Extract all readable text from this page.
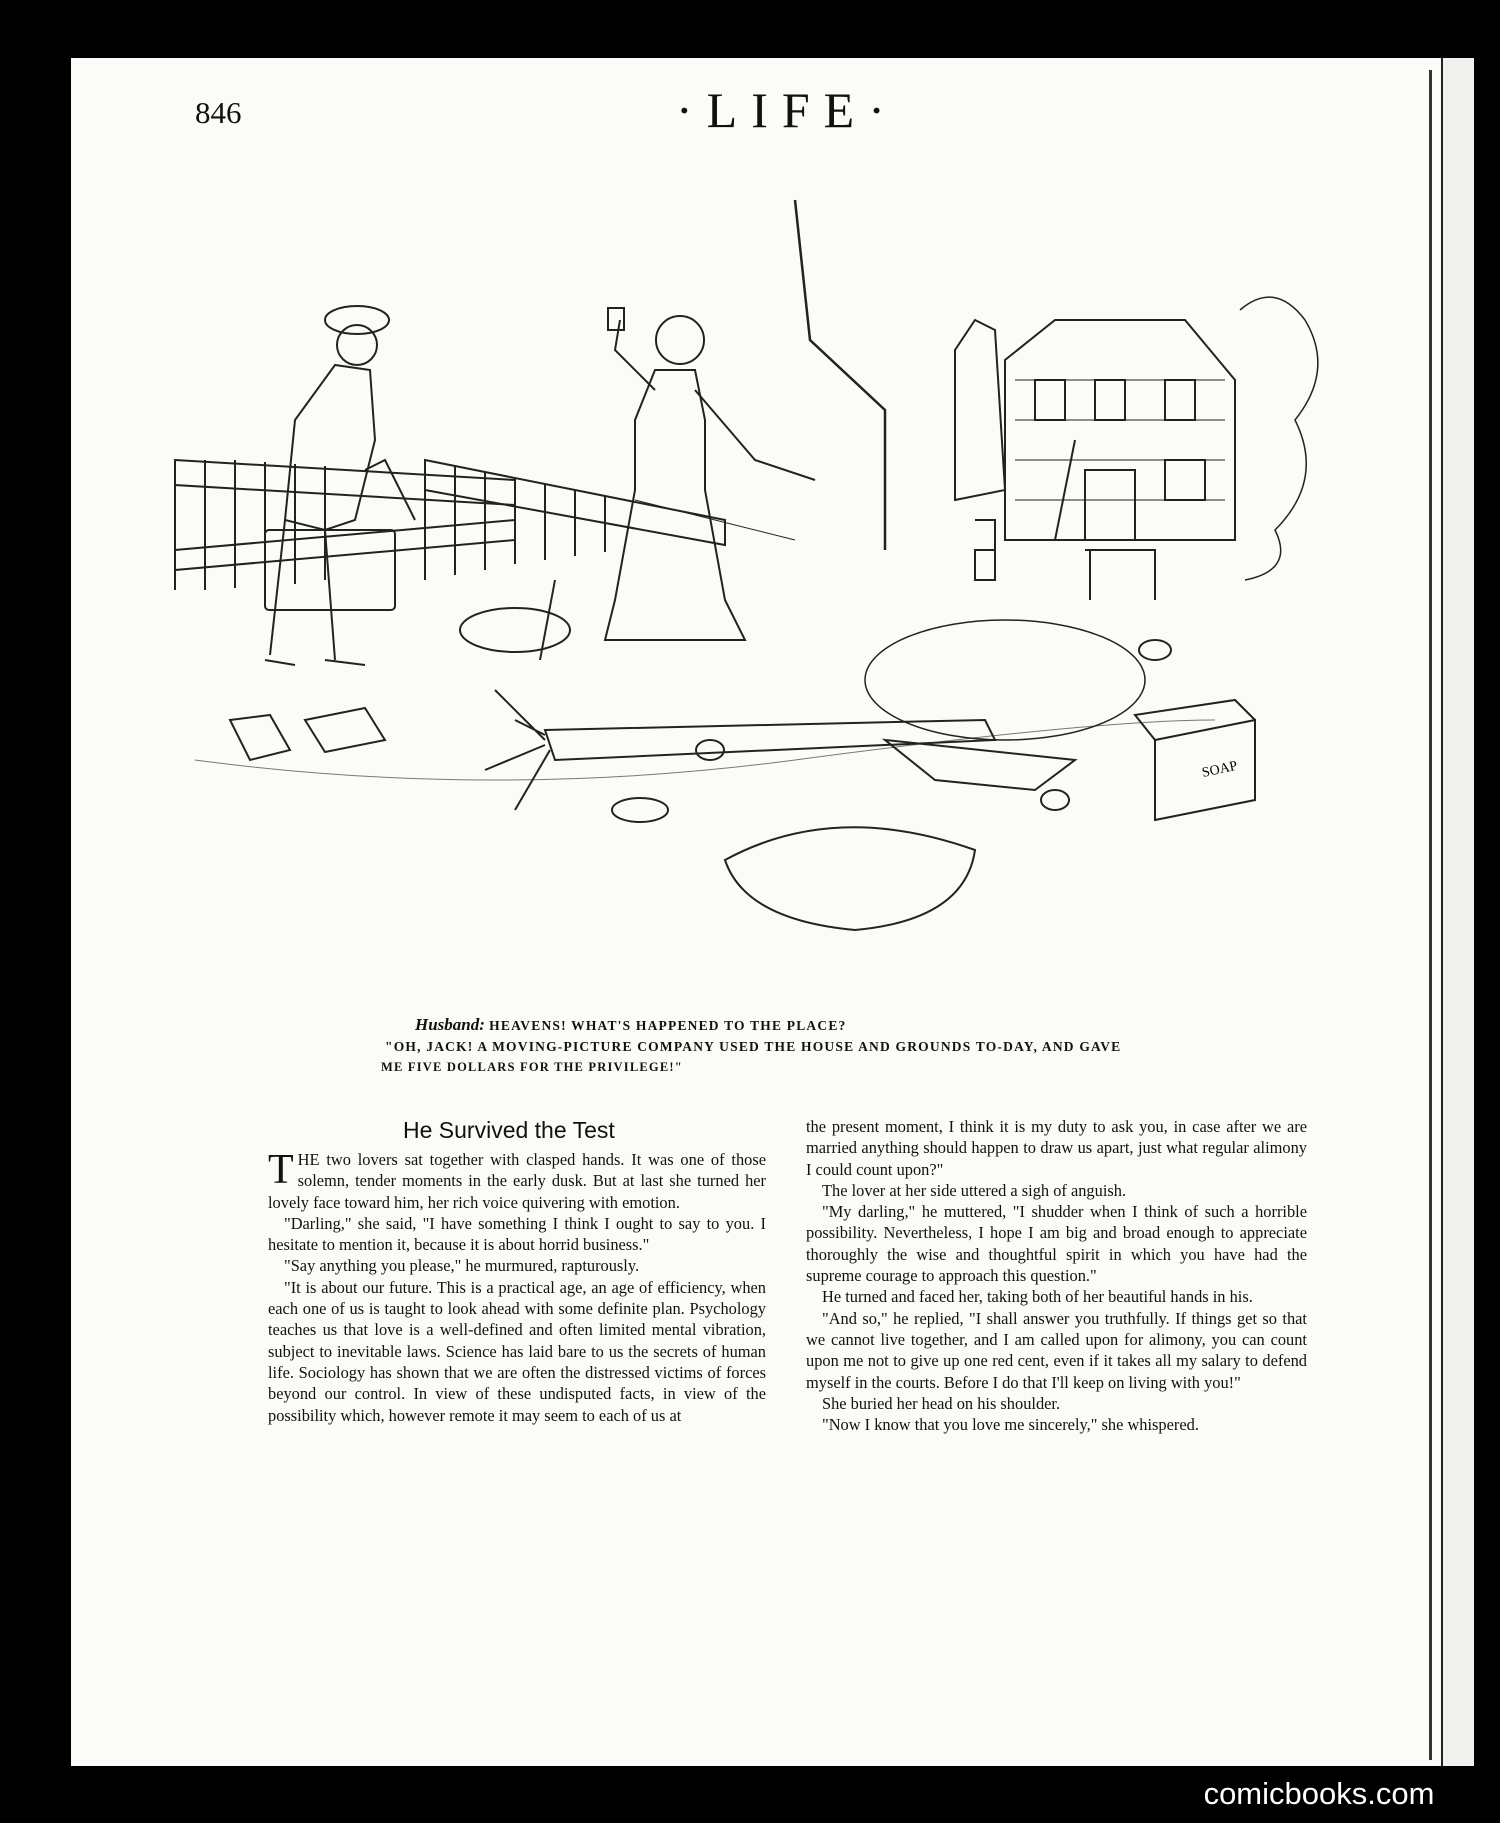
846	·LIFE·
SOAP
Husband: HEAVENS! WHAT'S HAPPENED TO THE PLACE?
"OH, JACK! A MOVING-PICTURE COMPANY USED THE HOUSE AND GROUNDS TO-DAY, AND GAVE
ME FIVE DOLLARS FOR THE PRIVILEGE!"
He Survived the Test

THE two lovers sat together with clasped hands. It was one of those solemn, tender moments in the early dusk. But at last she turned her lovely face toward him, her rich voice quivering with emotion.

"Darling," she said, "I have something I think I ought to say to you. I hesitate to mention it, because it is about horrid business."

"Say anything you please," he murmured, rapturously.

"It is about our future. This is a practical age, an age of efficiency, when each one of us is taught to look ahead with some definite plan. Psychology teaches us that love is a well-defined and often limited mental vibration, subject to inevitable laws. Science has laid bare to us the secrets of human life. Sociology has shown that we are often the distressed victims of forces beyond our control. In view of these undisputed facts, in view of the possibility which, however remote it may seem to each of us at

the present moment, I think it is my duty to ask you, in case after we are married anything should happen to draw us apart, just what regular alimony I could count upon?"

The lover at her side uttered a sigh of anguish.

"My darling," he muttered, "I shudder when I think of such a horrible possibility. Nevertheless, I hope I am big and broad enough to appreciate thoroughly the wise and thoughtful spirit in which you have had the supreme courage to approach this question."

He turned and faced her, taking both of her beautiful hands in his.

"And so," he replied, "I shall answer you truthfully. If things get so that we cannot live together, and I am called upon for alimony, you can count upon me not to give up one red cent, even if it takes all my salary to defend myself in the courts. Before I do that I'll keep on living with you!"

She buried her head on his shoulder.

"Now I know that you love me sincerely," she whispered.

comicbooks.com
